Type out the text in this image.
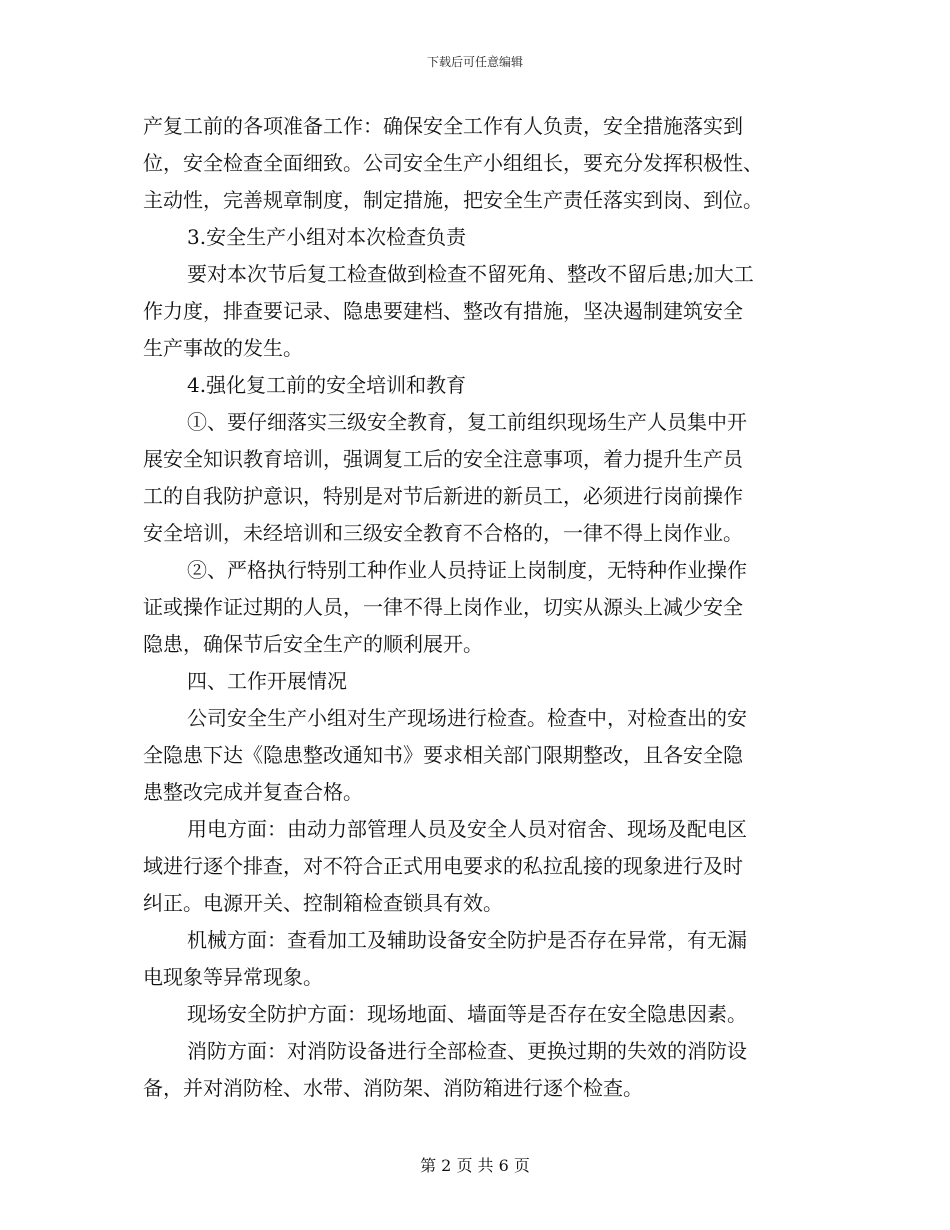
下载后可任意编辑
产复工前的各项准备工作：确保安全工作有人负责，安全措施落实到
位，安全检查全面细致。公司安全生产小组组长，要充分发挥积极性、
主动性，完善规章制度，制定措施，把安全生产责任落实到岗、到位。
3.安全生产小组对本次检查负责
要对本次节后复工检查做到检查不留死角、整改不留后患;加大工
作力度，排查要记录、隐患要建档、整改有措施，坚决遏制建筑安全
生产事故的发生。
4.强化复工前的安全培训和教育
①、要仔细落实三级安全教育，复工前组织现场生产人员集中开
展安全知识教育培训，强调复工后的安全注意事项，着力提升生产员
工的自我防护意识，特别是对节后新进的新员工，必须进行岗前操作
安全培训，未经培训和三级安全教育不合格的，一律不得上岗作业。
②、严格执行特别工种作业人员持证上岗制度，无特种作业操作
证或操作证过期的人员，一律不得上岗作业，切实从源头上减少安全
隐患，确保节后安全生产的顺利展开。
四、工作开展情况
公司安全生产小组对生产现场进行检查。检查中，对检查出的安
全隐患下达《隐患整改通知书》要求相关部门限期整改，且各安全隐
患整改完成并复查合格。
用电方面：由动力部管理人员及安全人员对宿舍、现场及配电区
域进行逐个排查，对不符合正式用电要求的私拉乱接的现象进行及时
纠正。电源开关、控制箱检查锁具有效。
机械方面：查看加工及辅助设备安全防护是否存在异常，有无漏
电现象等异常现象。
现场安全防护方面：现场地面、墙面等是否存在安全隐患因素。
消防方面：对消防设备进行全部检查、更换过期的失效的消防设
备，并对消防栓、水带、消防架、消防箱进行逐个检查。
第 2 页 共 6 页
